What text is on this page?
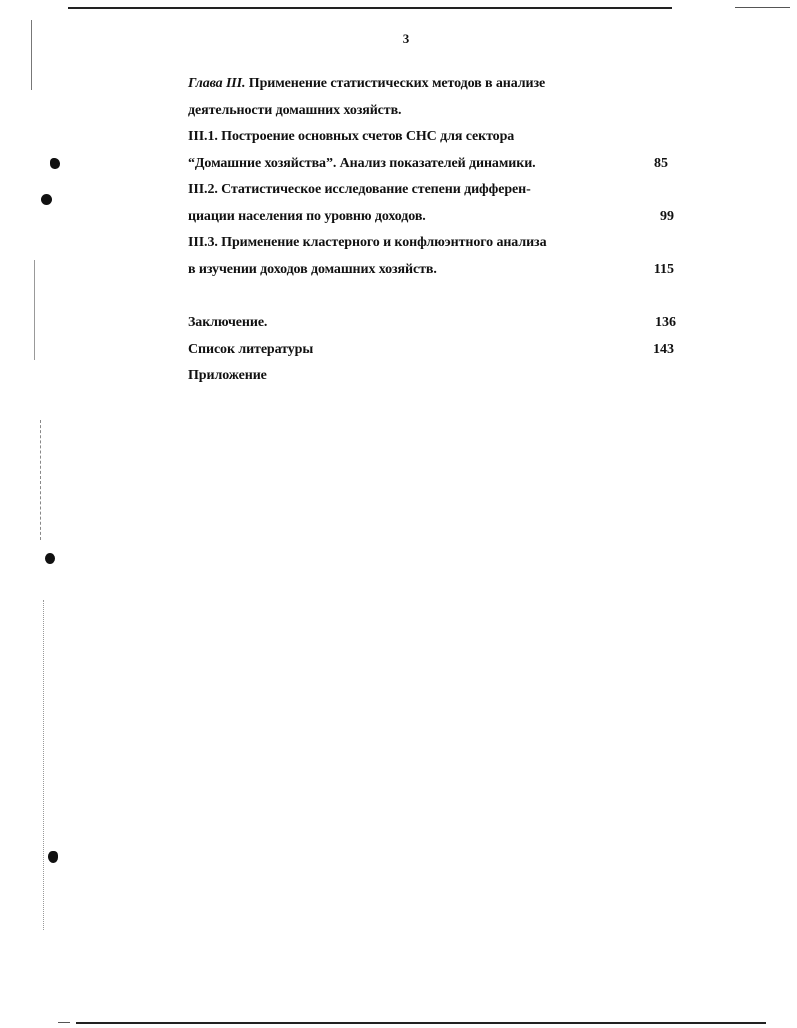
3
Глава III. Применение статистических методов в анализе
деятельности домашних хозяйств.
III.1. Построение основных счетов СНС для сектора
“Домашние хозяйства”. Анализ показателей динамики.	85
III.2. Статистическое исследование степени дифферен-
циации населения по уровню доходов.	99
III.3. Применение кластерного и конфлюэнтного анализа
в изучении доходов домашних хозяйств.	115
Заключение.	136
Список литературы	143
Приложение
